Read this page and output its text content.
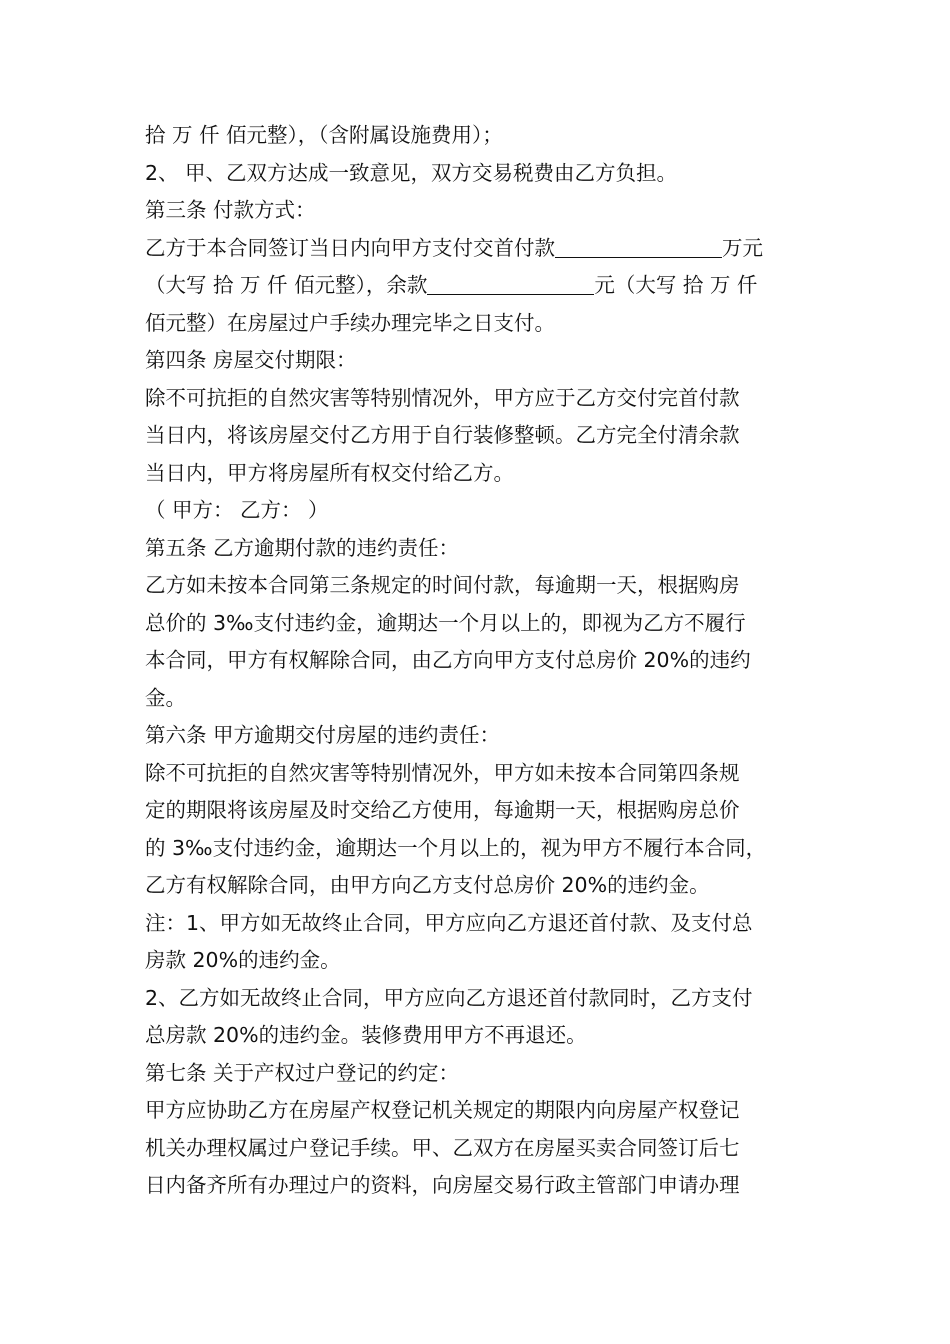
拾 万 仟 佰元整），（含附属设施费用）；
2、 甲、乙双方达成一致意见，双方交易税费由乙方负担。
第三条 付款方式：
乙方于本合同签订当日内向甲方支付交首付款	万元
（大写 拾 万 仟 佰元整），余款	元（大写 拾 万 仟
佰元整）在房屋过户手续办理完毕之日支付。
第四条 房屋交付期限：
除不可抗拒的自然灾害等特别情况外，甲方应于乙方交付完首付款
当日内，将该房屋交付乙方用于自行装修整顿。乙方完全付清余款
当日内，甲方将房屋所有权交付给乙方。
（ 甲方： 乙方： ）
第五条 乙方逾期付款的违约责任：
乙方如未按本合同第三条规定的时间付款，每逾期一天，根据购房
总价的 3‰支付违约金，逾期达一个月以上的，即视为乙方不履行
本合同，甲方有权解除合同，由乙方向甲方支付总房价 20%的违约
金。
第六条 甲方逾期交付房屋的违约责任：
除不可抗拒的自然灾害等特别情况外，甲方如未按本合同第四条规
定的期限将该房屋及时交给乙方使用，每逾期一天，根据购房总价
的 3‰支付违约金，逾期达一个月以上的，视为甲方不履行本合同，
乙方有权解除合同，由甲方向乙方支付总房价 20%的违约金。
注：1、甲方如无故终止合同，甲方应向乙方退还首付款、及支付总
房款 20%的违约金。
2、乙方如无故终止合同，甲方应向乙方退还首付款同时，乙方支付
总房款 20%的违约金。装修费用甲方不再退还。
第七条 关于产权过户登记的约定：
甲方应协助乙方在房屋产权登记机关规定的期限内向房屋产权登记
机关办理权属过户登记手续。甲、乙双方在房屋买卖合同签订后七
日内备齐所有办理过户的资料，向房屋交易行政主管部门申请办理
